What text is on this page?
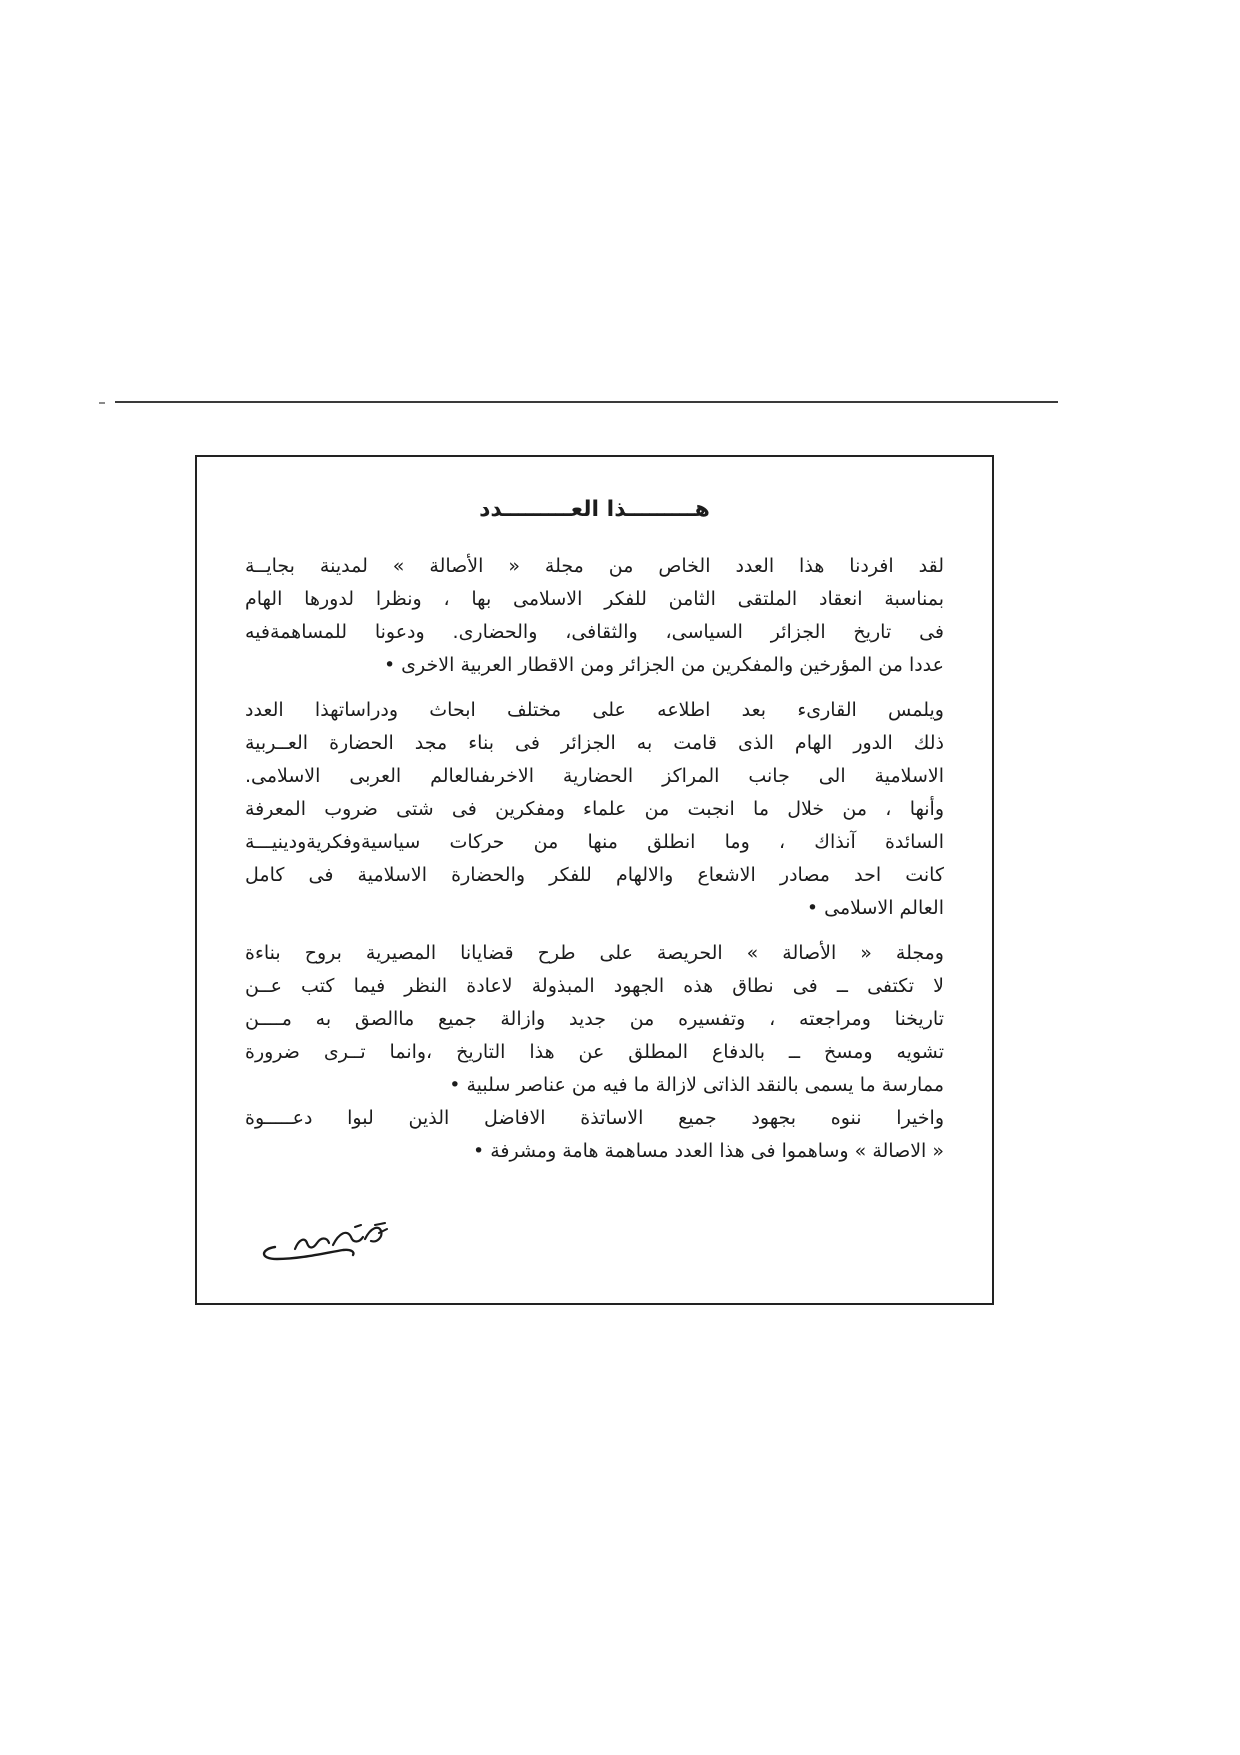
هـــــــــذا العـــــــــدد

لقد افردنا هذا العدد الخاص من مجلة « الأصالة » لمدينة بجايــة
بمناسبة انعقاد الملتقى الثامن للفكر الاسلامى بها ، ونظرا لدورها الهام
فى تاريخ الجزائر السياسى، والثقافى، والحضارى. ودعونا للمساهمةفيه
عددا من المؤرخين والمفكرين من الجزائر ومن الاقطار العربية الاخرى •

ويلمس القارىء بعد اطلاعه على مختلف ابحاث ودراساتهذا العدد
ذلك الدور الهام الذى قامت به الجزائر فى بناء مجد الحضارة العــربية
الاسلامية الى جانب المراكز الحضارية الاخرىفىالعالم العربى الاسلامى.
وأنها ، من خلال ما انجبت من علماء ومفكرين فى شتى ضروب المعرفة
السائدة آنذاك ، وما انطلق منها من حركات سياسيةوفكريةودينيـــة
كانت احد مصادر الاشعاع والالهام للفكر والحضارة الاسلامية فى كامل
العالم الاسلامى •

ومجلة « الأصالة » الحريصة على طرح قضايانا المصيرية بروح بناءة
لا تكتفى ــ فى نطاق هذه الجهود المبذولة لاعادة النظر فيما كتب عــن
تاريخنا ومراجعته ، وتفسيره من جديد وازالة جميع ماالصق به مــــن
تشويه ومسخ ــ بالدفاع المطلق عن هذا التاريخ ،وانما تــرى ضرورة
ممارسة ما يسمى بالنقد الذاتى لازالة ما فيه من عناصر سلبية •

واخيرا ننوه بجهود جميع الاساتذة الافاضل الذين لبوا دعـــــوة
« الاصالة » وساهموا فى هذا العدد مساهمة هامة ومشرفة •
